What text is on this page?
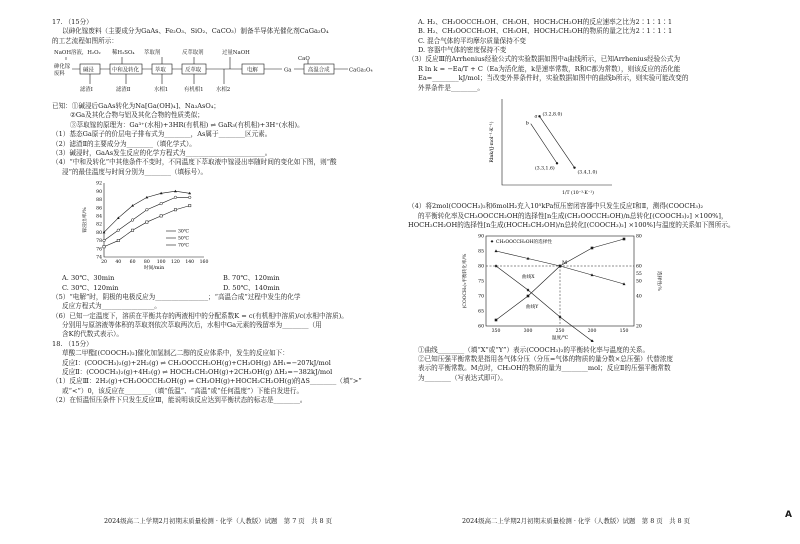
17. （15分）
以砷化镓废料（主要成分为GaAs、Fe₂O₃、SiO₂、CaCO₃）制备半导体光催化剂CaGa₂O₄
的工艺流程如图所示：
NaOH溶液，H₂O₂	萃取剂	反萃取剂	过量NaOH
稀H₂SO₄
砷化镓
废料
碱浸	中和及转化	萃取	反萃取	电解	高温合成
Ga
CaO
CaGa₂O₄
滤渣Ⅰ	滤渣Ⅱ	水相1	有机相1 水相2
已知：①碱浸后GaAs转化为Na[Ga(OH)₄]、Na₃AsO₄；
②Ga及其化合物与铝及其化合物的性质类似；
③萃取镓的原理为：Ga³⁺(水相)+3HR(有机相) ⇌ GaR₃(有机相)+3H⁺(水相)。
（1）基态Ga原子的价层电子排布式为________，As属于________区元素。
（2）滤渣Ⅱ的主要成分为________（填化学式）。
（3）碱浸时，GaAs发生反应的化学方程式为________________________。
（4）“中和及转化”中其他条件不变时，不同温度下萃取液中镓浸出率随时间的变化如下图，则“酸
浸”的最佳温度与时间分别为________（填标号）。
74
76
78
80
82
84
86
88
90
92
20 40 60 80 100 120 140 160
时间/min
镓浸出率/%	30℃
50℃
70℃
A. 30℃、30min	B. 70℃、120min
C. 30℃、120min	D. 50℃、140min
（5）“电解”时，阴极的电极反应为________________；“高温合成”过程中发生的化学
反应方程式为________________。
（6）已知一定温度下，溶质在平衡共存的两液相中的分配系数K = c(有机相中溶质)/c(水相中溶质)。
分别用与原溶液等体积的萃取剂依次萃取两次后，水相中Ga元素的残留率为________（用
含K的代数式表示）。
18. （15分）
草酸二甲酯[(COOCH₃)₂]催化加氢制乙二醇的反应体系中，发生的反应如下：
反应Ⅰ：(COOCH₃)₂(g)+2H₂(g) ⇌ CH₃OOCCH₂OH(g)+CH₃OH(g) ΔH₁=−207kJ/mol
反应Ⅱ：(COOCH₃)₂(g)+4H₂(g) ⇌ HOCH₂CH₂OH(g)+2CH₃OH(g) ΔH₂=−382kJ/mol
（1）反应Ⅲ：2H₂(g)+CH₃OOCCH₂OH(g) ⇌ CH₃OH(g)+HOCH₂CH₂OH(g)的ΔS________（填“>”
或“<”）0，该反应在________（填“低温”、“高温”或“任何温度”）下能自发进行。
（2）在恒温恒压条件下只发生反应Ⅲ，能说明该反应达到平衡状态的标志是________。
2024级高二上学期2月初期末质量检测 · 化学（人教版）试题　第 7 页　共 8 页
A. H₂、CH₃OOCCH₂OH、CH₃OH、HOCH₂CH₂OH的反应速率之比为2∶1∶1∶1
B. H₂、CH₃OOCCH₂OH、CH₃OH、HOCH₂CH₂OH的物质的量之比为2∶1∶1∶1
C. 混合气体的平均摩尔质量保持不变
D. 容器中气体的密度保持不变
（3）反应Ⅲ的Arrhenius经验公式的实验数据如图中a曲线所示，已知Arrhenius经验公式为
R ln k = −Ea/T + C（Ea为活化能，k是速率常数，R和C都为常数），则该反应的活化能
Ea=________kJ/mol；当改变外界条件时，实验数据如图中的曲线b所示，则实验可能改变的
外界条件是________。
Rlnk/(J·mol⁻¹·K⁻¹)
1/T (10⁻³·K⁻¹)
a
b
(3.2,8.0)
(3.3,1.6)
(3.4,1.0)
（4）将2mol(COOCH₃)₂和6molH₂充入10⁵kPa恒压密闭容器中只发生反应Ⅰ和Ⅱ，测得(COOCH₃)₂
的平衡转化率及CH₃OOCCH₂OH的选择性[n生成(CH₃OOCCH₂OH)/n总转化[(COOCH₃)₂] ×100%]，
HOCH₂CH₂OH的选择性[n生成(HOCH₂CH₂OH)/n总转化[(COOCH₃)₂] ×100%]与温度的关系如下图所示。
60
65
70
75
80
85
90
20
40
50
55
60
80
350	300	250	200	150
温度/℃
(COOCH₃)₂平衡转化率/%	选择性/%
CH₃OOCCH₂OH的选择性
M
曲线X
曲线Y
①曲线________（填“X”或“Y”）表示(COOCH₃)₂的平衡转化率与温度的关系。
②已知压强平衡常数是指用各气体分压（分压=气体的物质的量分数×总压强）代替浓度
表示的平衡常数。M点时，CH₃OH的物质的量为________mol；反应Ⅱ的压强平衡常数
为________（写表达式即可）。
2024级高二上学期2月初期末质量检测 · 化学（人教版）试题　第 8 页　共 8 页
A
